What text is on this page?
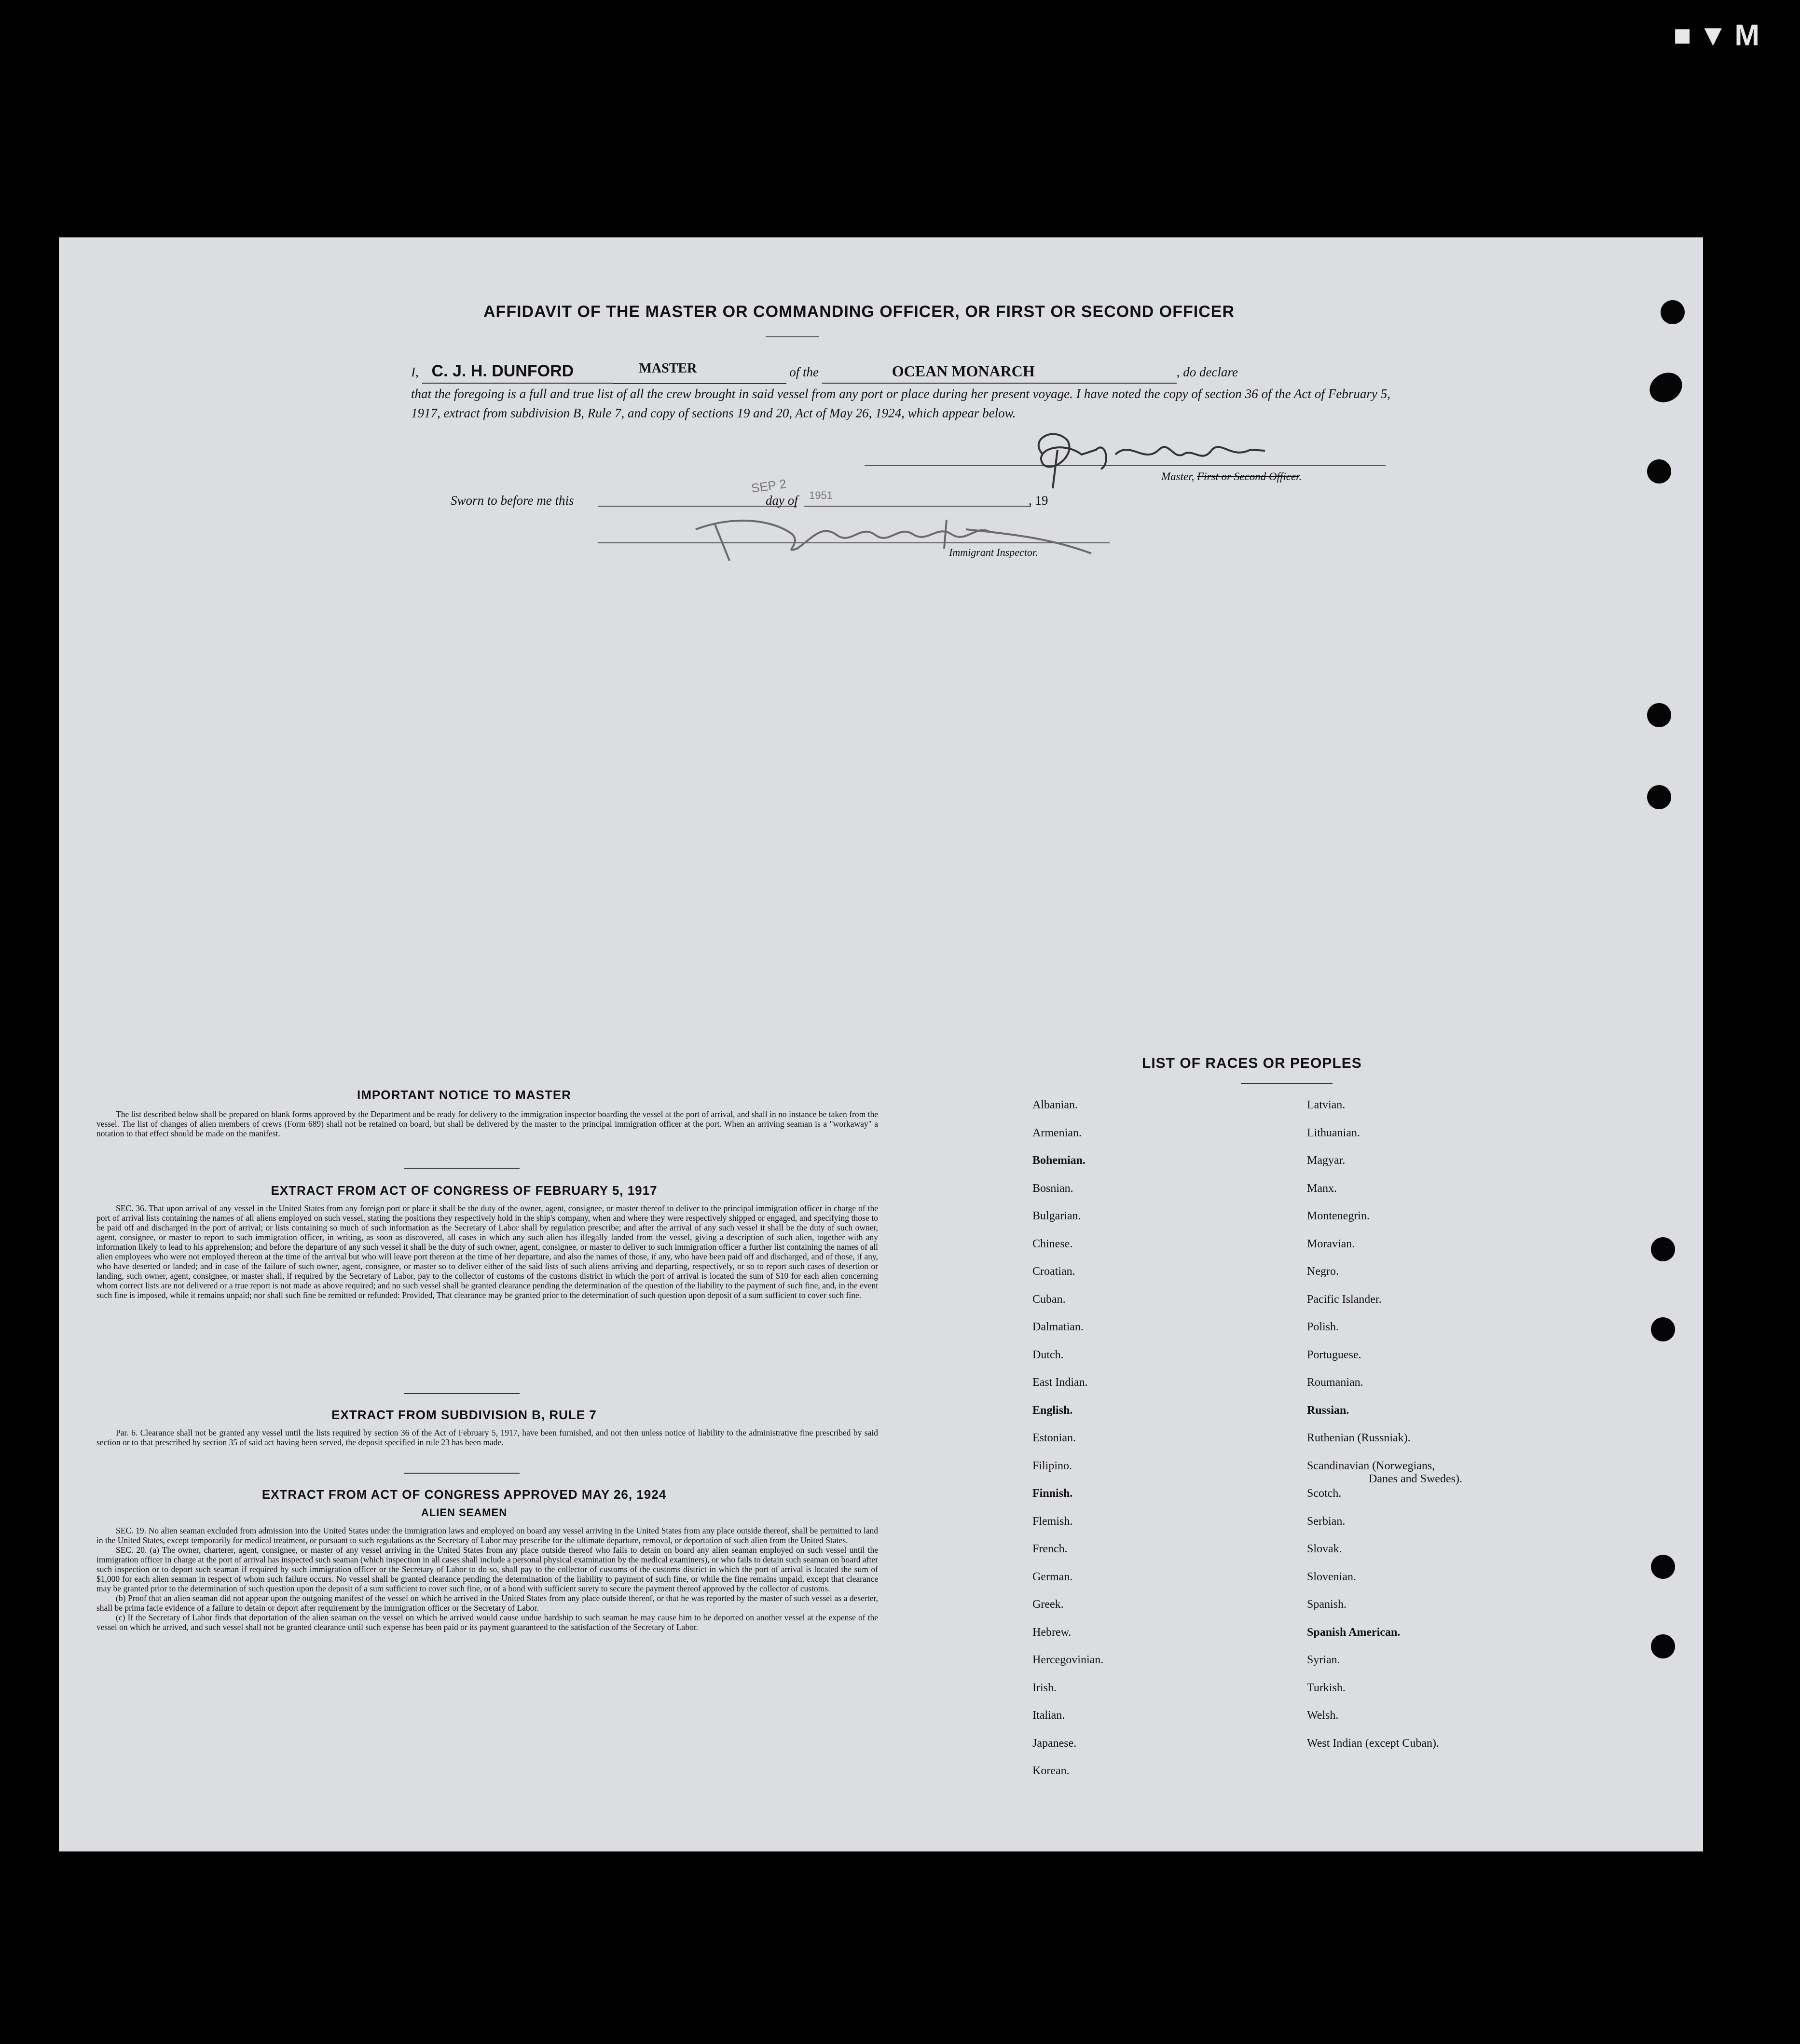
■▼M
AFFIDAVIT OF THE MASTER OR COMMANDING OFFICER, OR FIRST OR SECOND OFFICER
I, C. J. H. DUNFORD	MASTER	of the	OCEAN MONARCH	, do declare
that the foregoing is a full and true list of all the crew brought in said vessel from any port or place during her present voyage. I have noted the copy of section 36 of the Act of February 5, 1917, extract from subdivision B, Rule 7, and copy of sections 19 and 20, Act of May 26, 1924, which appear below.
Master, First or Second Officer.
Sworn to before me this
SEP 2
day of 1951	, 19
Immigrant Inspector.
IMPORTANT NOTICE TO MASTER
The list described below shall be prepared on blank forms approved by the Department and be ready for delivery to the immigration inspector boarding the vessel at the port of arrival, and shall in no instance be taken from the vessel. The list of changes of alien members of crews (Form 689) shall not be retained on board, but shall be delivered by the master to the principal immigration officer at the port. When an arriving seaman is a "workaway" a notation to that effect should be made on the manifest.
EXTRACT FROM ACT OF CONGRESS OF FEBRUARY 5, 1917
SEC. 36. That upon arrival of any vessel in the United States from any foreign port or place it shall be the duty of the owner, agent, consignee, or master thereof to deliver to the principal immigration officer in charge of the port of arrival lists containing the names of all aliens employed on such vessel, stating the positions they respectively hold in the ship's company, when and where they were respectively shipped or engaged, and specifying those to be paid off and discharged in the port of arrival; or lists containing so much of such information as the Secretary of Labor shall by regulation prescribe; and after the arrival of any such vessel it shall be the duty of such owner, agent, consignee, or master to report to such immigration officer, in writing, as soon as discovered, all cases in which any such alien has illegally landed from the vessel, giving a description of such alien, together with any information likely to lead to his apprehension; and before the departure of any such vessel it shall be the duty of such owner, agent, consignee, or master to deliver to such immigration officer a further list containing the names of all alien employees who were not employed thereon at the time of the arrival but who will leave port thereon at the time of her departure, and also the names of those, if any, who have been paid off and discharged, and of those, if any, who have deserted or landed; and in case of the failure of such owner, agent, consignee, or master so to deliver either of the said lists of such aliens arriving and departing, respectively, or so to report such cases of desertion or landing, such owner, agent, consignee, or master shall, if required by the Secretary of Labor, pay to the collector of customs of the customs district in which the port of arrival is located the sum of $10 for each alien concerning whom correct lists are not delivered or a true report is not made as above required; and no such vessel shall be granted clearance pending the determination of the question of the liability to the payment of such fine, and, in the event such fine is imposed, while it remains unpaid; nor shall such fine be remitted or refunded: Provided, That clearance may be granted prior to the determination of such question upon deposit of a sum sufficient to cover such fine.
EXTRACT FROM SUBDIVISION B, RULE 7
Par. 6. Clearance shall not be granted any vessel until the lists required by section 36 of the Act of February 5, 1917, have been furnished, and not then unless notice of liability to the administrative fine prescribed by said section or to that prescribed by section 35 of said act having been served, the deposit specified in rule 23 has been made.
EXTRACT FROM ACT OF CONGRESS APPROVED MAY 26, 1924
ALIEN SEAMEN
SEC. 19. No alien seaman excluded from admission into the United States under the immigration laws and employed on board any vessel arriving in the United States from any place outside thereof, shall be permitted to land in the United States, except temporarily for medical treatment, or pursuant to such regulations as the Secretary of Labor may prescribe for the ultimate departure, removal, or deportation of such alien from the United States.
SEC. 20. (a) The owner, charterer, agent, consignee, or master of any vessel arriving in the United States from any place outside thereof who fails to detain on board any alien seaman employed on such vessel until the immigration officer in charge at the port of arrival has inspected such seaman (which inspection in all cases shall include a personal physical examination by the medical examiners), or who fails to detain such seaman on board after such inspection or to deport such seaman if required by such immigration officer or the Secretary of Labor to do so, shall pay to the collector of customs of the customs district in which the port of arrival is located the sum of $1,000 for each alien seaman in respect of whom such failure occurs. No vessel shall be granted clearance pending the determination of the liability to payment of such fine, or while the fine remains unpaid, except that clearance may be granted prior to the determination of such question upon the deposit of a sum sufficient to cover such fine, or of a bond with sufficient surety to secure the payment thereof approved by the collector of customs.
(b) Proof that an alien seaman did not appear upon the outgoing manifest of the vessel on which he arrived in the United States from any place outside thereof, or that he was reported by the master of such vessel as a deserter, shall be prima facie evidence of a failure to detain or deport after requirement by the immigration officer or the Secretary of Labor.
(c) If the Secretary of Labor finds that deportation of the alien seaman on the vessel on which he arrived would cause undue hardship to such seaman he may cause him to be deported on another vessel at the expense of the vessel on which he arrived, and such vessel shall not be granted clearance until such expense has been paid or its payment guaranteed to the satisfaction of the Secretary of Labor.
LIST OF RACES OR PEOPLES
Albanian.
Armenian.
Bohemian.
Bosnian.
Bulgarian.
Chinese.
Croatian.
Cuban.
Dalmatian.
Dutch.
East Indian.
English.
Estonian.
Filipino.
Finnish.
Flemish.
French.
German.
Greek.
Hebrew.
Hercegovinian.
Irish.
Italian.
Japanese.
Korean.
Latvian.
Lithuanian.
Magyar.
Manx.
Montenegrin.
Moravian.
Negro.
Pacific Islander.
Polish.
Portuguese.
Roumanian.
Russian.
Ruthenian (Russniak).
Scandinavian (Norwegians,
Danes and Swedes).
Scotch.
Serbian.
Slovak.
Slovenian.
Spanish.
Spanish American.
Syrian.
Turkish.
Welsh.
West Indian (except Cuban).
